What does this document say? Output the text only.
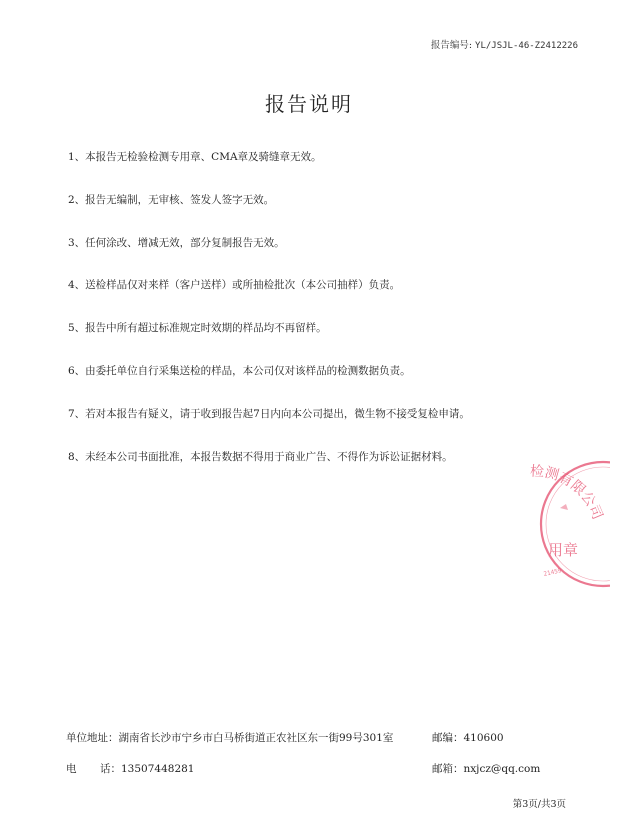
报告编号: YL/JSJL-46-Z2412226
报告说明
1、本报告无检验检测专用章、CMA章及骑缝章无效。
2、报告无编制，无审核、签发人签字无效。
3、任何涂改、增减无效，部分复制报告无效。
4、送检样品仅对来样（客户送样）或所抽检批次（本公司抽样）负责。
5、报告中所有超过标准规定时效期的样品均不再留样。
6、由委托单位自行采集送检的样品，本公司仅对该样品的检测数据负责。
7、若对本报告有疑义，请于收到报告起7日内向本公司提出，微生物不接受复检申请。
8、未经本公司书面批准，本报告数据不得用于商业广告、不得作为诉讼证据材料。
检测有限公司
用章
21459
单位地址：湖南省长沙市宁乡市白马桥街道正农社区东一街99号301室	邮编：410600
电 话：13507448281	邮箱：nxjcz@qq.com
第3页/共3页
